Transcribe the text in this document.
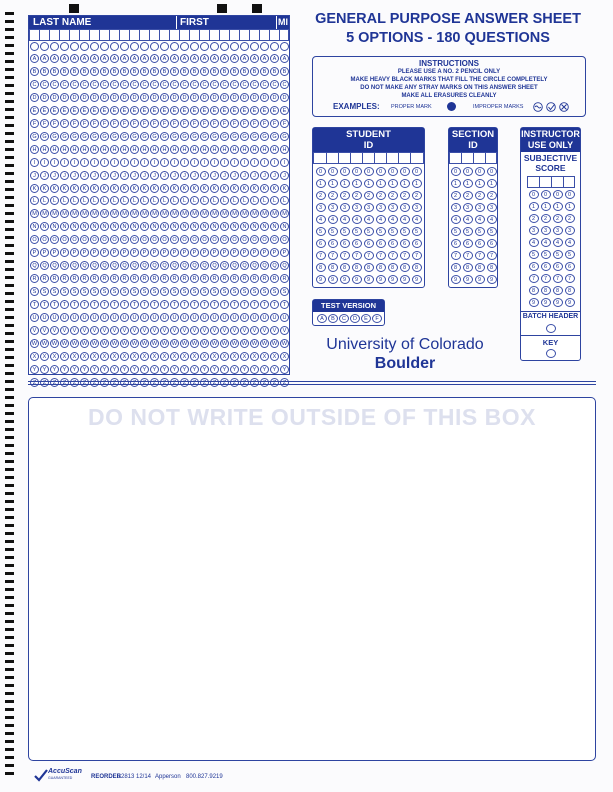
LAST NAME	FIRST	MI
A	A	A	A	A	A	A	A	A	A	A	A	A	A	A	A	A	A	A	A	A	A	A	A	A	A
B	B	B	B	B	B	B	B	B	B	B	B	B	B	B	B	B	B	B	B	B	B	B	B	B	B
C	C	C	C	C	C	C	C	C	C	C	C	C	C	C	C	C	C	C	C	C	C	C	C	C	C
D	D	D	D	D	D	D	D	D	D	D	D	D	D	D	D	D	D	D	D	D	D	D	D	D	D
E	E	E	E	E	E	E	E	E	E	E	E	E	E	E	E	E	E	E	E	E	E	E	E	E	E
F	F	F	F	F	F	F	F	F	F	F	F	F	F	F	F	F	F	F	F	F	F	F	F	F	F
G	G	G	G	G	G	G	G	G	G	G	G	G	G	G	G	G	G	G	G	G	G	G	G	G	G
H	H	H	H	H	H	H	H	H	H	H	H	H	H	H	H	H	H	H	H	H	H	H	H	H	H
I	I	I	I	I	I	I	I	I	I	I	I	I	I	I	I	I	I	I	I	I	I	I	I	I	I
J	J	J	J	J	J	J	J	J	J	J	J	J	J	J	J	J	J	J	J	J	J	J	J	J	J
K	K	K	K	K	K	K	K	K	K	K	K	K	K	K	K	K	K	K	K	K	K	K	K	K	K
L	L	L	L	L	L	L	L	L	L	L	L	L	L	L	L	L	L	L	L	L	L	L	L	L	L
M M M M M M M M M M M M M M M M M M M M M M M M M M
N	N	N	N	N	N	N	N	N	N	N	N	N	N	N	N	N	N	N	N	N	N	N	N	N	N
O	O	O	O	O	O	O	O	O	O	O	O	O	O	O	O	O	O	O	O	O	O	O	O	O	O
P	P	P	P	P	P	P	P	P	P	P	P	P	P	P	P	P	P	P	P	P	P	P	P	P	P
Q	Q	Q	Q	Q	Q	Q	Q	Q	Q	Q	Q	Q	Q	Q	Q	Q	Q	Q	Q	Q	Q	Q	Q	Q	Q
R	R	R	R	R	R	R	R	R	R	R	R	R	R	R	R	R	R	R	R	R	R	R	R	R	R
S	S	S	S	S	S	S	S	S	S	S	S	S	S	S	S	S	S	S	S	S	S	S	S	S	S
T	T	T	T	T	T	T	T	T	T	T	T	T	T	T	T	T	T	T	T	T	T	T	T	T	T
U	U	U	U	U	U	U	U	U	U	U	U	U	U	U	U	U	U	U	U	U	U	U	U	U	U
V	V	V	V	V	V	V	V	V	V	V	V	V	V	V	V	V	V	V	V	V	V	V	V	V	V
W W W W W W W W W W W W W W W W W W W W W W W W W W
X	X	X	X	X	X	X	X	X	X	X	X	X	X	X	X	X	X	X	X	X	X	X	X	X	X
Y	Y	Y	Y	Y	Y	Y	Y	Y	Y	Y	Y	Y	Y	Y	Y	Y	Y	Y	Y	Y	Y	Y	Y	Y	Y
Z	Z	Z	Z	Z	Z	Z	Z	Z	Z	Z	Z	Z	Z	Z	Z	Z	Z	Z	Z	Z	Z	Z	Z	Z	Z
GENERAL PURPOSE ANSWER SHEET
5 OPTIONS - 180 QUESTIONS
INSTRUCTIONS
PLEASE USE A NO. 2 PENCIL ONLY
MAKE HEAVY BLACK MARKS THAT FILL THE CIRCLE COMPLETELY
DO NOT MAKE ANY STRAY MARKS ON THIS ANSWER SHEET
MAKE ALL ERASURES CLEANLY
EXAMPLES: PROPER MARK	IMPROPER MARKS
STUDENT
ID
0	0	0	0	0	0	0	0	0
1	1	1	1	1	1	1	1	1
2	2	2	2	2	2	2	2	2
3	3	3	3	3	3	3	3	3
4	4	4	4	4	4	4	4	4
5	5	5	5	5	5	5	5	5
6	6	6	6	6	6	6	6	6
7	7	7	7	7	7	7	7	7
8	8	8	8	8	8	8	8	8
9	9	9	9	9	9	9	9	9
SECTION
ID
0	0	0	0
1	1	1	1
2	2	2	2
3	3	3	3
4	4	4	4
5	5	5	5
6	6	6	6
7	7	7	7
8	8	8	8
9	9	9	9
INSTRUCTOR
USE ONLY
SUBJECTIVE
SCORE
0	0	0	0
1	1	1	1
2	2	2	2
3	3	3	3
4	4	4	4
5	5	5	5
6	6	6	6
7	7	7	7
8	8	8	8
9	9	9	9
BATCH HEADER
KEY
TEST VERSION
A	B	C	D	E	F
University of Colorado
Boulder
DO NOT WRITE OUTSIDE OF THIS BOX
AccuScan
GUARANTEED	REORDER
B2813 12/14 Apperson 800.827.9219
